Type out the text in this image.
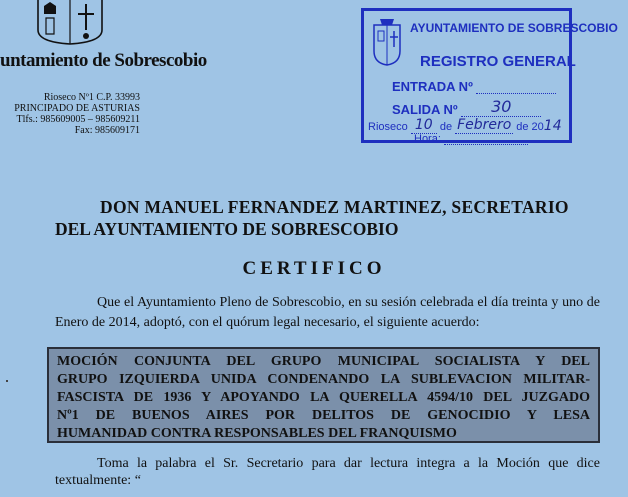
untamiento de Sobrescobio
Rioseco Nº1 C.P. 33993
PRINCIPADO DE ASTURIAS
Tlfs.: 985609005 – 985609211
Fax: 985609171
AYUNTAMIENTO DE SOBRESCOBIO
REGISTRO GENERAL
ENTRADA Nº
SALIDA Nº 30
Rioseco 10 de Febrero de 2014
Hora:
DON MANUEL FERNANDEZ MARTINEZ, SECRETARIO
DEL AYUNTAMIENTO DE SOBRESCOBIO
CERTIFICO
Que el Ayuntamiento Pleno de Sobrescobio, en su sesión celebrada el día treinta y uno de Enero de 2014, adoptó, con el quórum legal necesario, el siguiente acuerdo:
MOCIÓN CONJUNTA DEL GRUPO MUNICIPAL SOCIALISTA Y DEL
GRUPO IZQUIERDA UNIDA CONDENANDO LA SUBLEVACION MILITAR-
FASCISTA DE 1936 Y APOYANDO LA QUERELLA 4594/10 DEL JUZGADO
Nº1 DE BUENOS AIRES POR DELITOS DE GENOCIDIO Y LESA
HUMANIDAD CONTRA RESPONSABLES DEL FRANQUISMO
Toma la palabra el Sr. Secretario para dar lectura integra a la Moción que dice textualmente: “
